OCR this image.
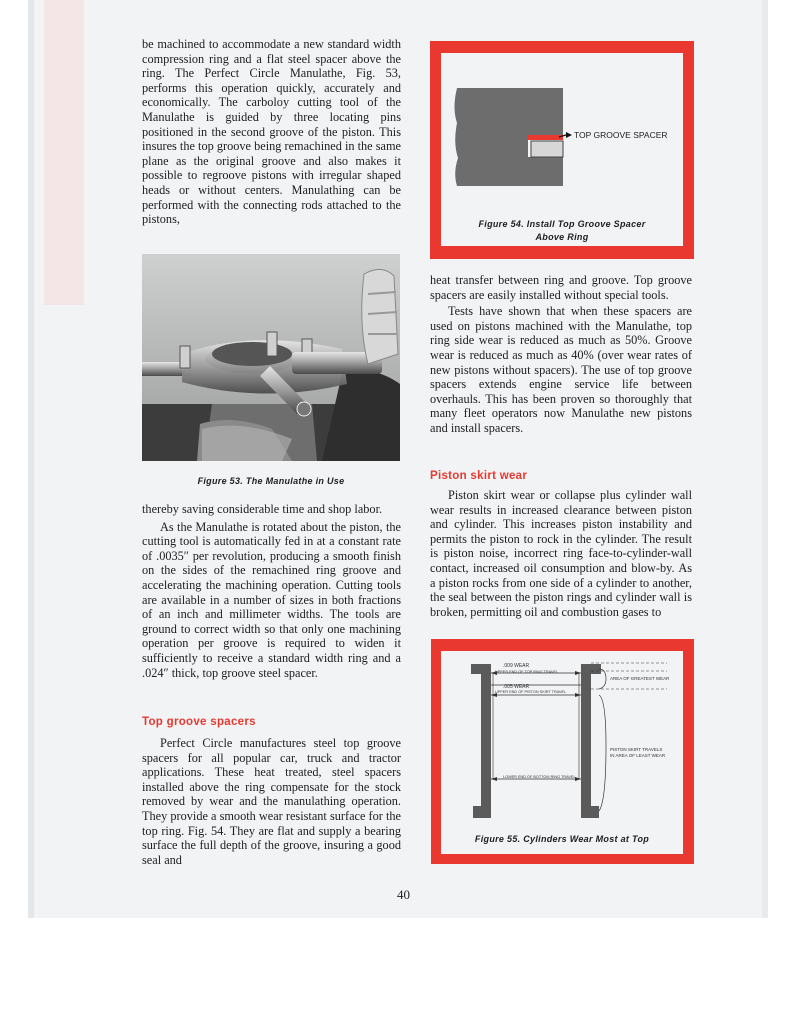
be machined to accommodate a new standard width compression ring and a flat steel spacer above the ring. The Perfect Circle Manulathe, Fig. 53, performs this operation quickly, accurately and economically. The carboloy cutting tool of the Manulathe is guided by three locating pins positioned in the second groove of the piston. This insures the top groove being remachined in the same plane as the original groove and also makes it possible to regroove pistons with irregular shaped heads or without centers. Manulathing can be performed with the connecting rods attached to the pistons,

Figure 53. The Manulathe in Use

thereby saving considerable time and shop labor.

As the Manulathe is rotated about the piston, the cutting tool is automatically fed in at a constant rate of .0035″ per revolution, producing a smooth finish on the sides of the remachined ring groove and accelerating the machining operation. Cutting tools are available in a number of sizes in both fractions of an inch and millimeter widths. The tools are ground to correct width so that only one machining operation per groove is required to widen it sufficiently to receive a standard width ring and a .024″ thick, top groove steel spacer.

Top groove spacers

Perfect Circle manufactures steel top groove spacers for all popular car, truck and tractor applications. These heat treated, steel spacers installed above the ring compensate for the stock removed by wear and the manulathing operation. They provide a smooth wear resistant surface for the top ring. Fig. 54. They are flat and supply a bearing surface the full depth of the groove, insuring a good seal and

TOP GROOVE SPACER
Figure 54. Install Top Groove Spacer
Above Ring

heat transfer between ring and groove. Top groove spacers are easily installed without special tools.

Tests have shown that when these spacers are used on pistons machined with the Manulathe, top ring side wear is reduced as much as 50%. Groove wear is reduced as much as 40% (over wear rates of new pistons without spacers). The use of top groove spacers extends engine service life between overhauls. This has been proven so thoroughly that many fleet operators now Manulathe new pistons and install spacers.

Piston skirt wear

Piston skirt wear or collapse plus cylinder wall wear results in increased clearance between piston and cylinder. This increases piston instability and permits the piston to rock in the cylinder. The result is piston noise, incorrect ring face-to-cylinder-wall contact, increased oil consumption and blow-by. As a piston rocks from one side of a cylinder to another, the seal between the piston rings and cylinder wall is broken, permitting oil and combustion gases to

.009 WEAR
UPPER END OF TOP RING TRAVEL
.005 WEAR
UPPER END OF PISTON SKIRT TRAVEL
LOWER END OF BOTTOM RING TRAVEL
AREA OF GREATEST WEAR
PISTON SKIRT TRAVELS
IN AREA OF LEAST WEAR
Figure 55. Cylinders Wear Most at Top
40
